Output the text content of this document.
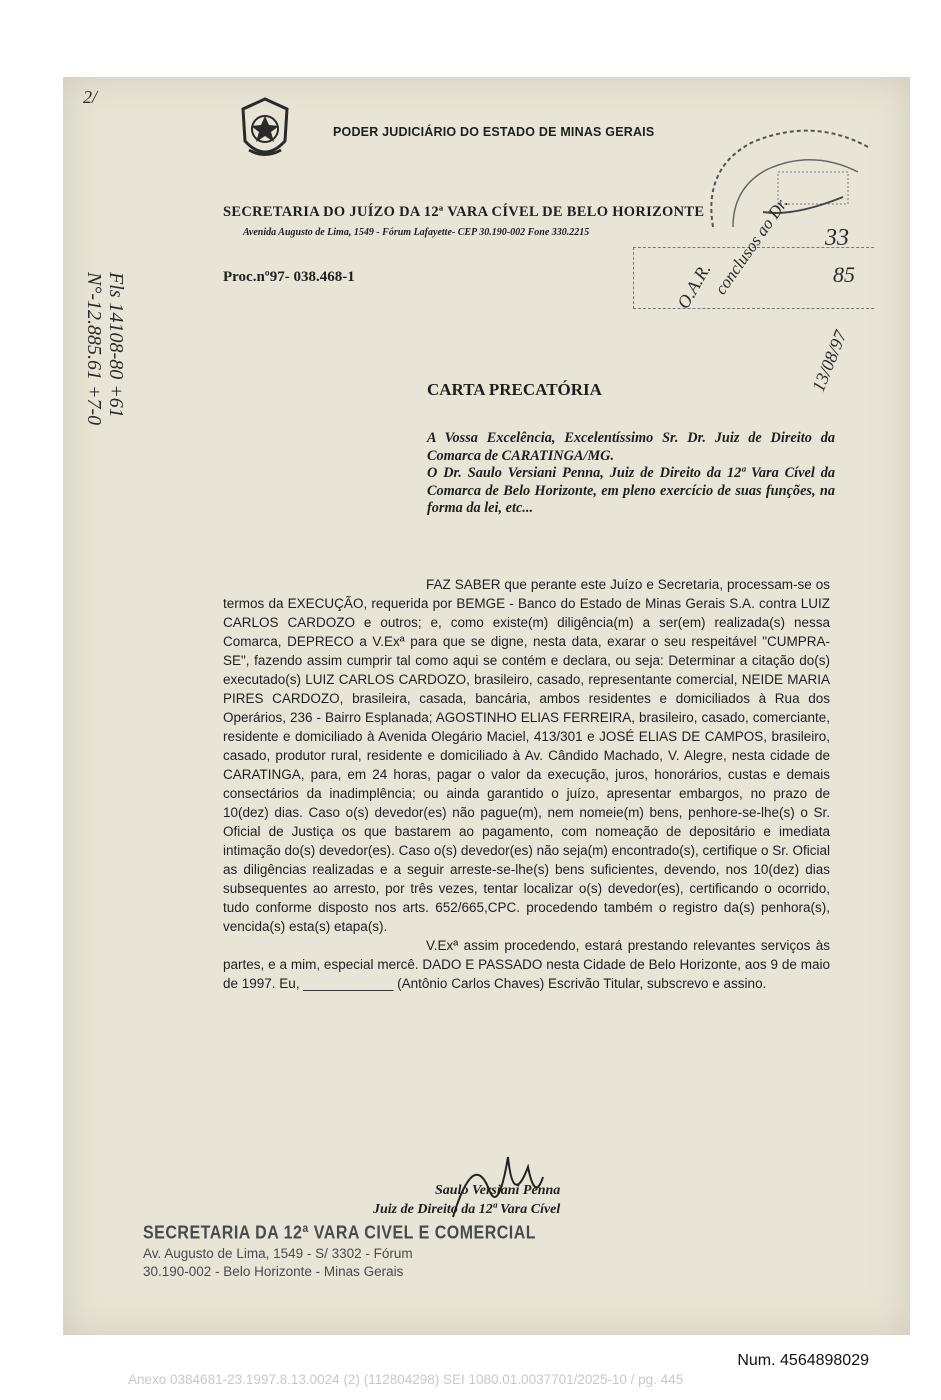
PODER JUDICIÁRIO DO ESTADO DE MINAS GERAIS
SECRETARIA DO JUÍZO DA 12ª VARA CÍVEL DE BELO HORIZONTE
Avenida Augusto de Lima, 1549 - Fórum Lafayette- CEP 30.190-002 Fone 330.2215
Proc.nº97- 038.468-1
CARTA PRECATÓRIA

A Vossa Excelência, Excelentíssimo Sr. Dr. Juiz de Direito da Comarca de CARATINGA/MG.

O Dr. Saulo Versiani Penna, Juiz de Direito da 12ª Vara Cível da Comarca de Belo Horizonte, em pleno exercício de suas funções, na forma da lei, etc...

FAZ SABER que perante este Juízo e Secretaria, processam-se os termos da EXECUÇÃO, requerida por BEMGE - Banco do Estado de Minas Gerais S.A. contra LUIZ CARLOS CARDOZO e outros; e, como existe(m) diligência(m) a ser(em) realizada(s) nessa Comarca, DEPRECO a V.Exª para que se digne, nesta data, exarar o seu respeitável "CUMPRA-SE", fazendo assim cumprir tal como aqui se contém e declara, ou seja: Determinar a citação do(s) executado(s) LUIZ CARLOS CARDOZO, brasileiro, casado, representante comercial, NEIDE MARIA PIRES CARDOZO, brasileira, casada, bancária, ambos residentes e domiciliados à Rua dos Operários, 236 - Bairro Esplanada; AGOSTINHO ELIAS FERREIRA, brasileiro, casado, comerciante, residente e domiciliado à Avenida Olegário Maciel, 413/301 e JOSÉ ELIAS DE CAMPOS, brasileiro, casado, produtor rural, residente e domiciliado à Av. Cândido Machado, V. Alegre, nesta cidade de CARATINGA, para, em 24 horas, pagar o valor da execução, juros, honorários, custas e demais consectários da inadimplência; ou ainda garantido o juízo, apresentar embargos, no prazo de 10(dez) dias. Caso o(s) devedor(es) não pague(m), nem nomeie(m) bens, penhore-se-lhe(s) o Sr. Oficial de Justiça os que bastarem ao pagamento, com nomeação de depositário e imediata intimação do(s) devedor(es). Caso o(s) devedor(es) não seja(m) encontrado(s), certifique o Sr. Oficial as diligências realizadas e a seguir arreste-se-lhe(s) bens suficientes, devendo, nos 10(dez) dias subsequentes ao arresto, por três vezes, tentar localizar o(s) devedor(es), certificando o ocorrido, tudo conforme disposto nos arts. 652/665,CPC. procedendo também o registro da(s) penhora(s), vencida(s) esta(s) etapa(s).

V.Exª assim procedendo, estará prestando relevantes serviços às partes, e a mim, especial mercê. DADO E PASSADO nesta Cidade de Belo Horizonte, aos 9 de maio de 1997. Eu, ____________ (Antônio Carlos Chaves) Escrivão Titular, subscrevo e assino.

Saulo Versiani Penna
Juiz de Direito da 12ª Vara Cível
SECRETARIA DA 12ª VARA CIVEL E COMERCIAL
Av. Augusto de Lima, 1549 - S/ 3302 - Fórum
30.190-002 - Belo Horizonte - Minas Gerais
2/
Fls 14108-80 +61
N°-12.885.61 +7-0
33
85
O.A.R.
conclusos ao Dr.
13/08/97
Num. 4564898029
Anexo 0384681-23.1997.8.13.0024 (2) (112804298) SEI 1080.01.0037701/2025-10 / pg. 445
